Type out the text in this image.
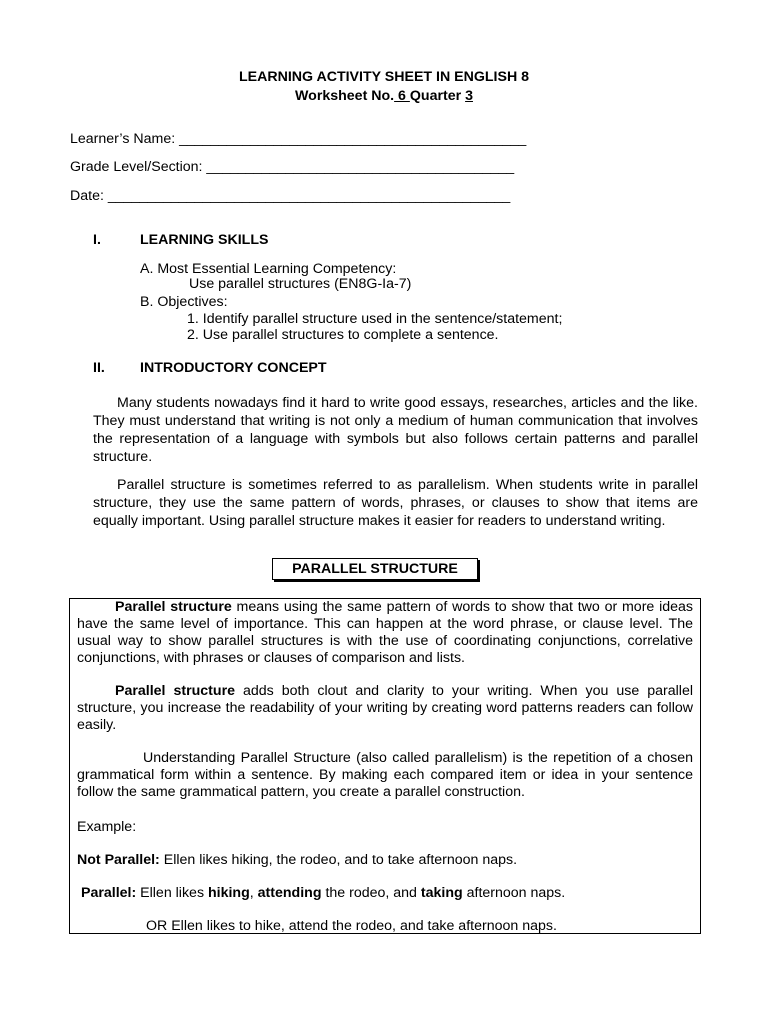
LEARNING ACTIVITY SHEET IN ENGLISH 8
Worksheet No. 6 Quarter 3
Learner’s Name: ____________________________________________
Grade Level/Section: _______________________________________
Date: ___________________________________________________
I.	LEARNING SKILLS
A. Most Essential Learning Competency:
Use parallel structures (EN8G-Ia-7)
B. Objectives:
1. Identify parallel structure used in the sentence/statement;
2. Use parallel structures to complete a sentence.
II. INTRODUCTORY CONCEPT
Many students nowadays find it hard to write good essays, researches, articles and the like. They must understand that writing is not only a medium of human communication that involves the representation of a language with symbols but also follows certain patterns and parallel structure.
Parallel structure is sometimes referred to as parallelism. When students write in parallel structure, they use the same pattern of words, phrases, or clauses to show that items are equally important. Using parallel structure makes it easier for readers to understand writing.
PARALLEL STRUCTURE
Parallel structure means using the same pattern of words to show that two or more ideas have the same level of importance. This can happen at the word phrase, or clause level. The usual way to show parallel structures is with the use of coordinating conjunctions, correlative conjunctions, with phrases or clauses of comparison and lists.
Parallel structure adds both clout and clarity to your writing. When you use parallel structure, you increase the readability of your writing by creating word patterns readers can follow easily.
Understanding Parallel Structure (also called parallelism) is the repetition of a chosen grammatical form within a sentence. By making each compared item or idea in your sentence follow the same grammatical pattern, you create a parallel construction.
Example:
Not Parallel: Ellen likes hiking, the rodeo, and to take afternoon naps.
Parallel: Ellen likes hiking, attending the rodeo, and taking afternoon naps.
OR Ellen likes to hike, attend the rodeo, and take afternoon naps.
